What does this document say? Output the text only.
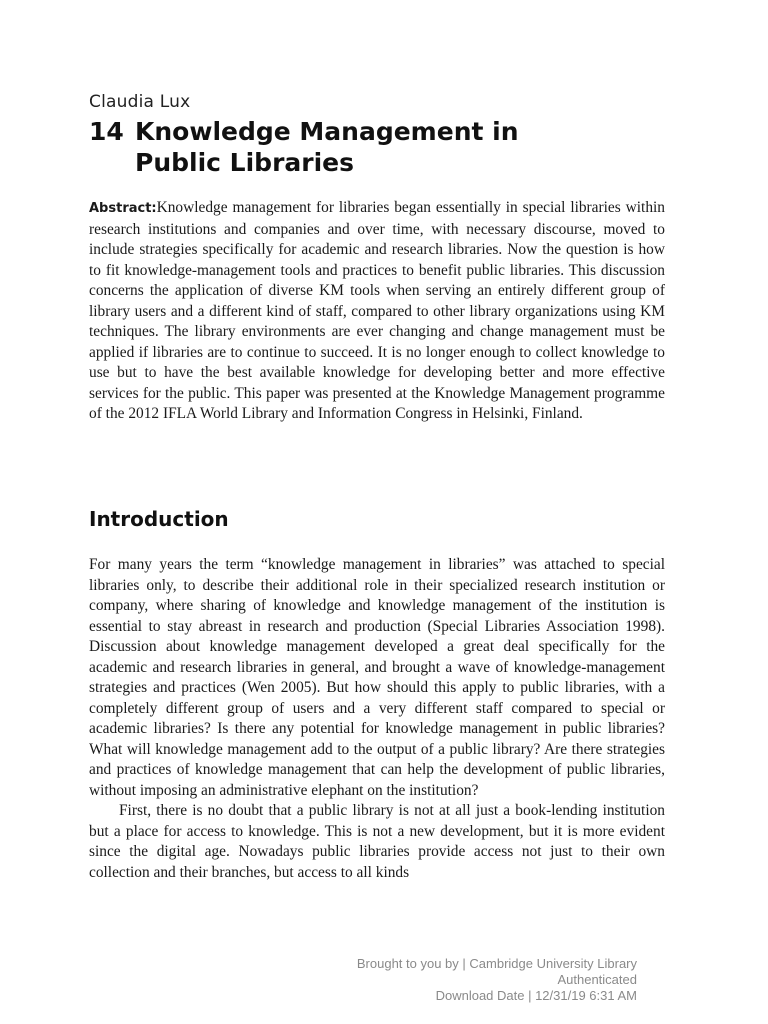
Claudia Lux
14 Knowledge Management in
Public Libraries

Abstract:Knowledge management for libraries began essentially in special libraries within research institutions and companies and over time, with necessary discourse, moved to include strategies specifically for academic and research libraries. Now the question is how to fit knowledge-management tools and practices to benefit public libraries. This discussion concerns the application of diverse KM tools when serving an entirely different group of library users and a different kind of staff, compared to other library organizations using KM techniques. The library environments are ever changing and change management must be applied if libraries are to continue to succeed. It is no longer enough to collect knowledge to use but to have the best available knowledge for developing better and more effective services for the public. This paper was presented at the Knowledge Management programme of the 2012 IFLA World Library and Information Congress in Helsinki, Finland.

Introduction

For many years the term “knowledge management in libraries” was attached to special libraries only, to describe their additional role in their specialized research institution or company, where sharing of knowledge and knowledge management of the institution is essential to stay abreast in research and production (Special Libraries Association 1998). Discussion about knowledge management developed a great deal specifically for the academic and research libraries in general, and brought a wave of knowledge-management strategies and practices (Wen 2005). But how should this apply to public libraries, with a completely different group of users and a very different staff compared to special or academic libraries? Is there any potential for knowledge management in public libraries? What will knowledge management add to the output of a public library? Are there strategies and practices of knowledge management that can help the development of public libraries, without imposing an administrative elephant on the institution?

First, there is no doubt that a public library is not at all just a book-lending institution but a place for access to knowledge. This is not a new development, but it is more evident since the digital age. Nowadays public libraries provide access not just to their own collection and their branches, but access to all kinds

Brought to you by | Cambridge University Library
Authenticated
Download Date | 12/31/19 6:31 AM
